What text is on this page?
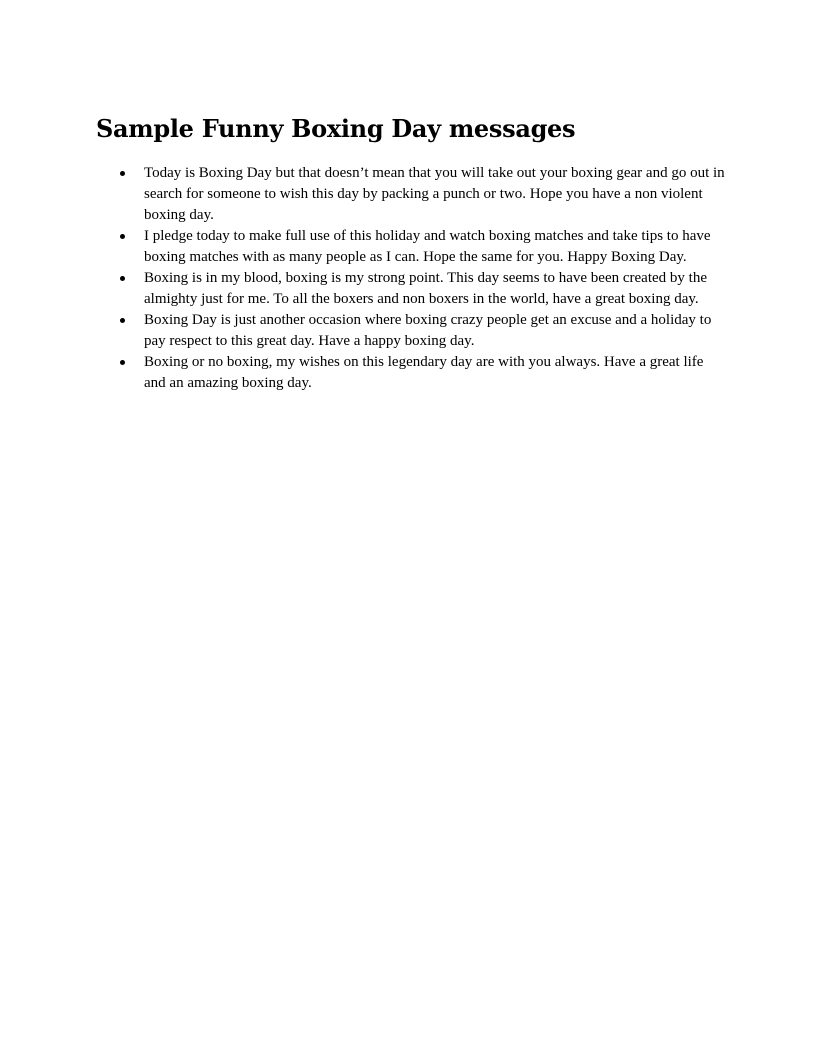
Sample Funny Boxing Day messages
Today is Boxing Day but that doesn’t mean that you will take out your boxing gear and go out in search for someone to wish this day by packing a punch or two. Hope you have a non violent boxing day.
I pledge today to make full use of this holiday and watch boxing matches and take tips to have boxing matches with as many people as I can. Hope the same for you. Happy Boxing Day.
Boxing is in my blood, boxing is my strong point. This day seems to have been created by the almighty just for me. To all the boxers and non boxers in the world, have a great boxing day.
Boxing Day is just another occasion where boxing crazy people get an excuse and a holiday to pay respect to this great day. Have a happy boxing day.
Boxing or no boxing, my wishes on this legendary day are with you always. Have a great life and an amazing boxing day.
